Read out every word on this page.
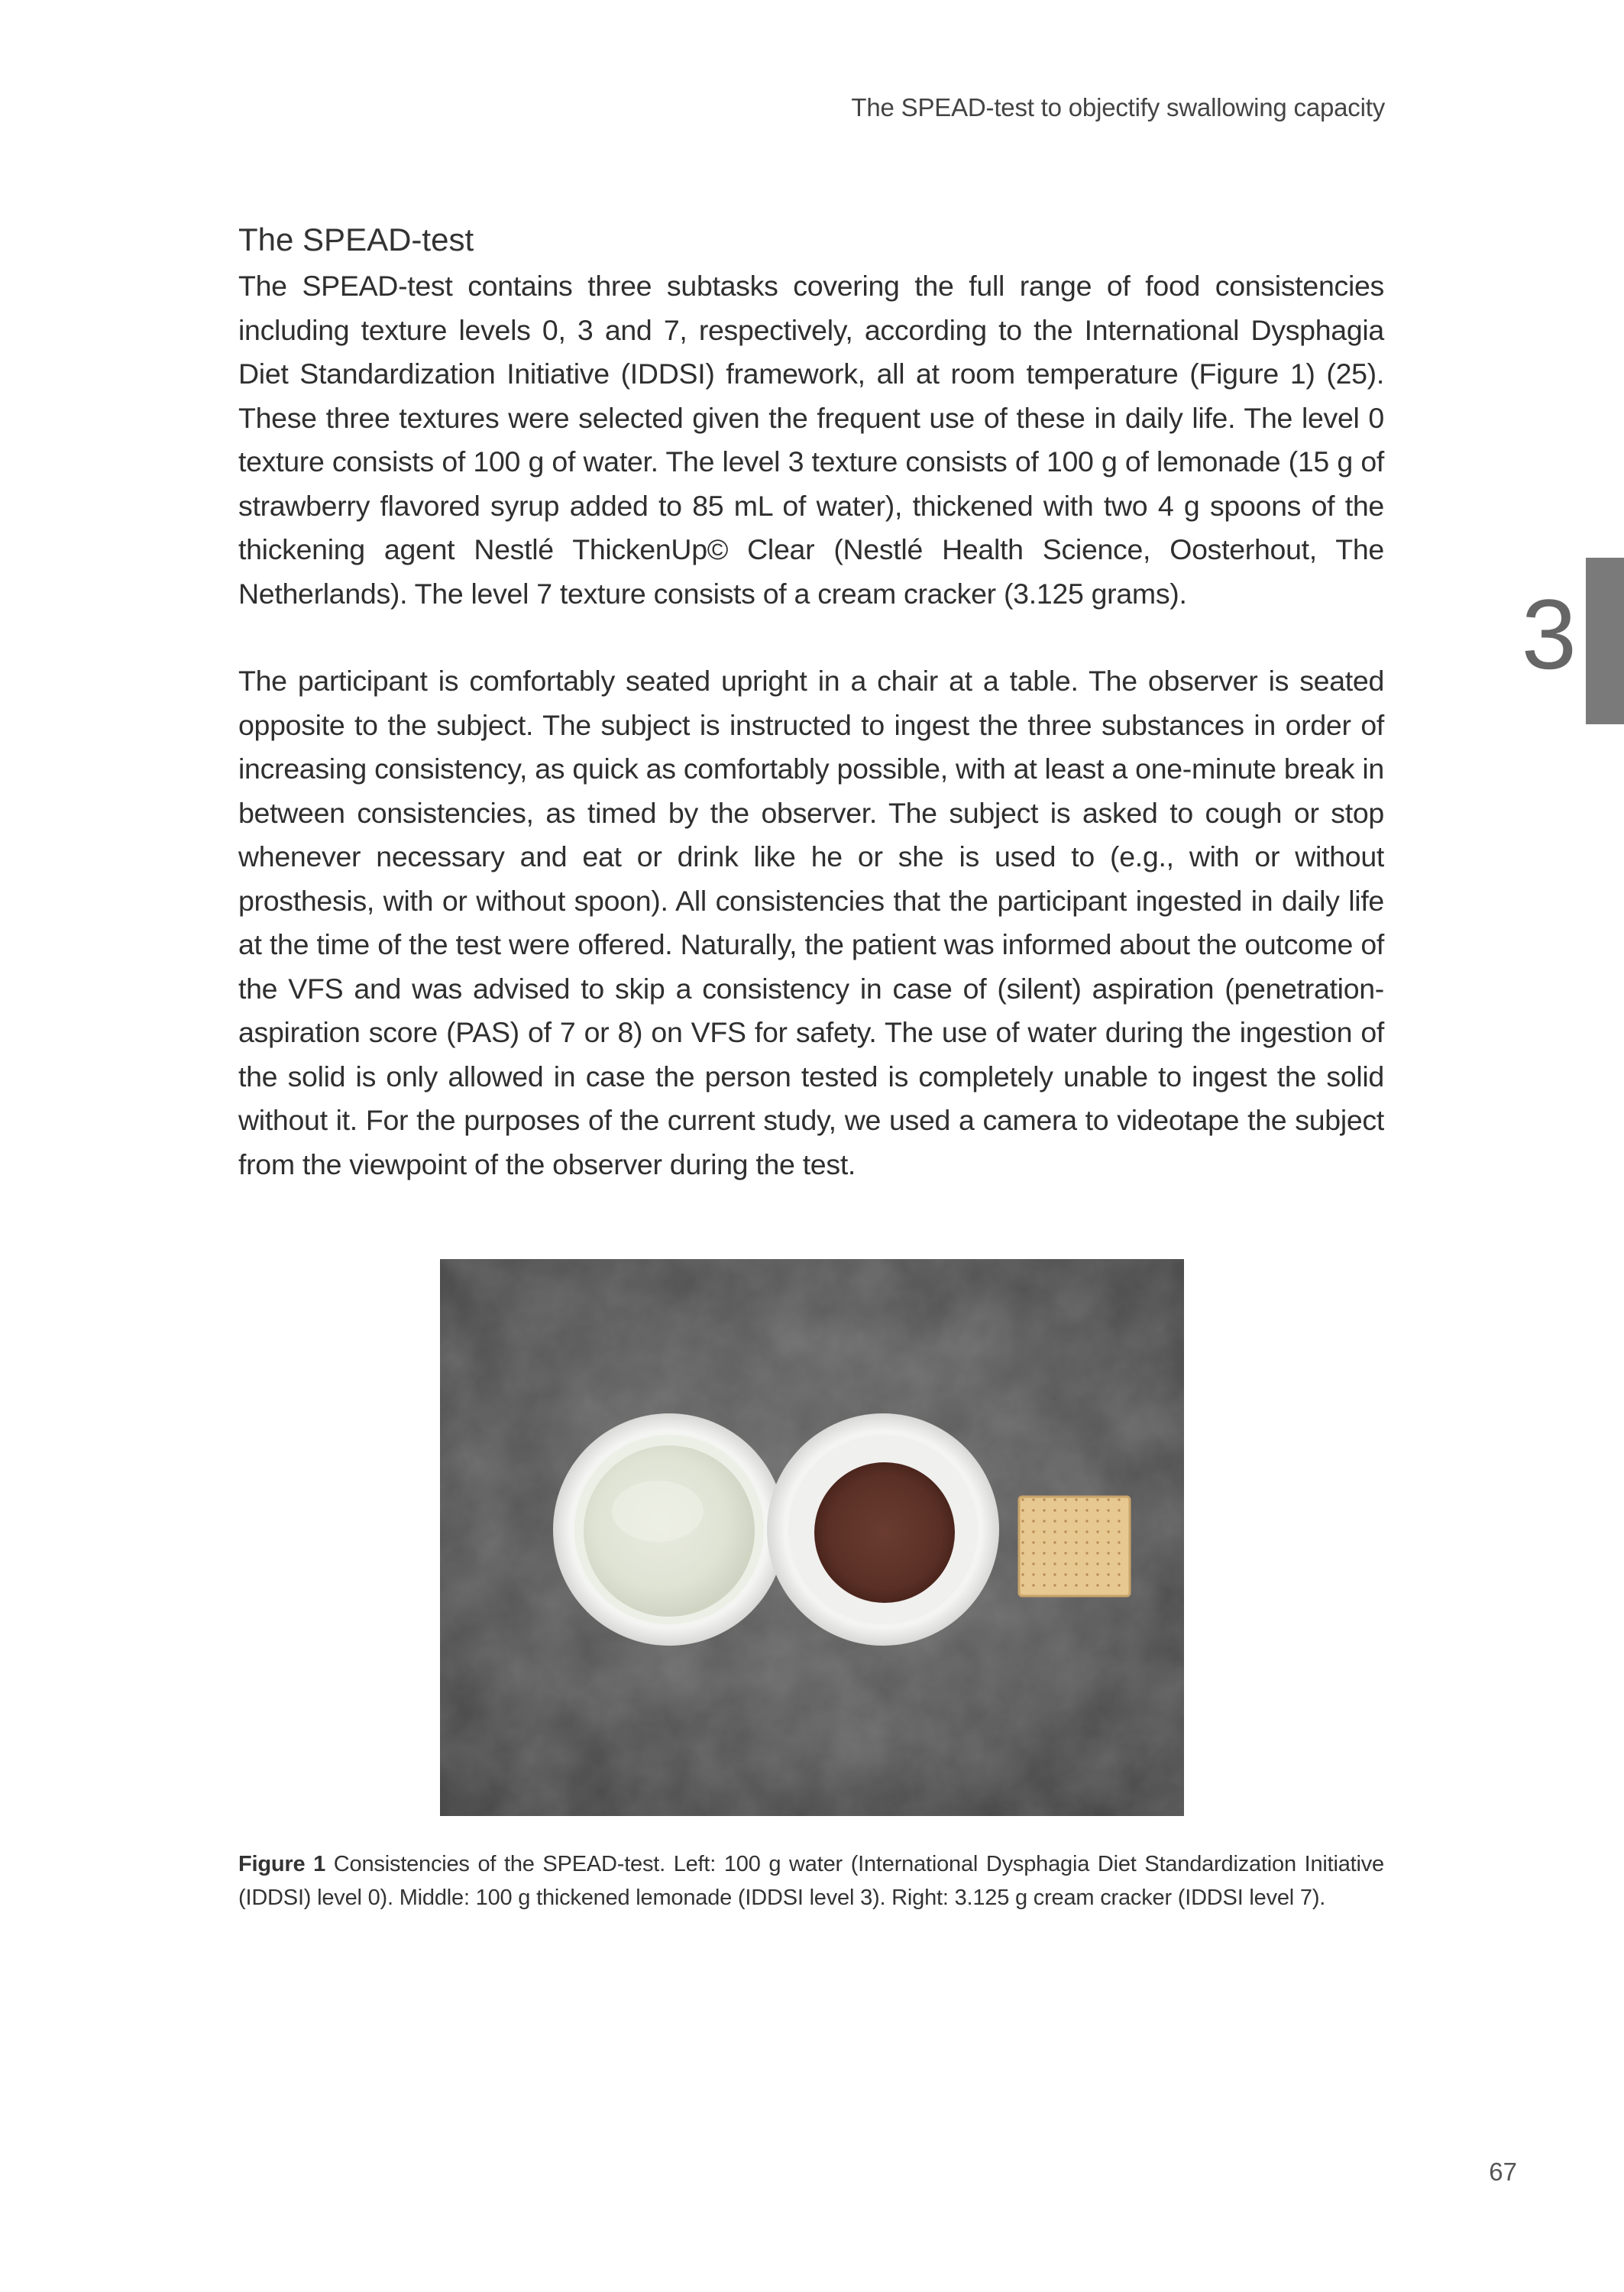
The SPEAD-test to objectify swallowing capacity
3
The SPEAD-test

The SPEAD-test contains three subtasks covering the full range of food consistencies including texture levels 0, 3 and 7, respectively, according to the International Dysphagia Diet Standardization Initiative (IDDSI) framework, all at room temperature (Figure 1) (25). These three textures were selected given the frequent use of these in daily life. The level 0 texture consists of 100 g of water. The level 3 texture consists of 100 g of lemonade (15 g of strawberry flavored syrup added to 85 mL of water), thickened with two 4 g spoons of the thickening agent Nestlé ThickenUp© Clear (Nestlé Health Science, Oosterhout, The Netherlands). The level 7 texture consists of a cream cracker (3.125 grams).

The participant is comfortably seated upright in a chair at a table. The observer is seated opposite to the subject. The subject is instructed to ingest the three substances in order of increasing consistency, as quick as comfortably possible, with at least a one-minute break in between consistencies, as timed by the observer. The subject is asked to cough or stop whenever necessary and eat or drink like he or she is used to (e.g., with or without prosthesis, with or without spoon). All consistencies that the participant ingested in daily life at the time of the test were offered. Naturally, the patient was informed about the outcome of the VFS and was advised to skip a consistency in case of (silent) aspiration (penetration-aspiration score (PAS) of 7 or 8) on VFS for safety. The use of water during the ingestion of the solid is only allowed in case the person tested is completely unable to ingest the solid without it. For the purposes of the current study, we used a camera to videotape the subject from the viewpoint of the observer during the test.

Figure 1 Consistencies of the SPEAD-test. Left: 100 g water (International Dysphagia Diet Standardization Initiative (IDDSI) level 0). Middle: 100 g thickened lemonade (IDDSI level 3). Right: 3.125 g cream cracker (IDDSI level 7).
67
